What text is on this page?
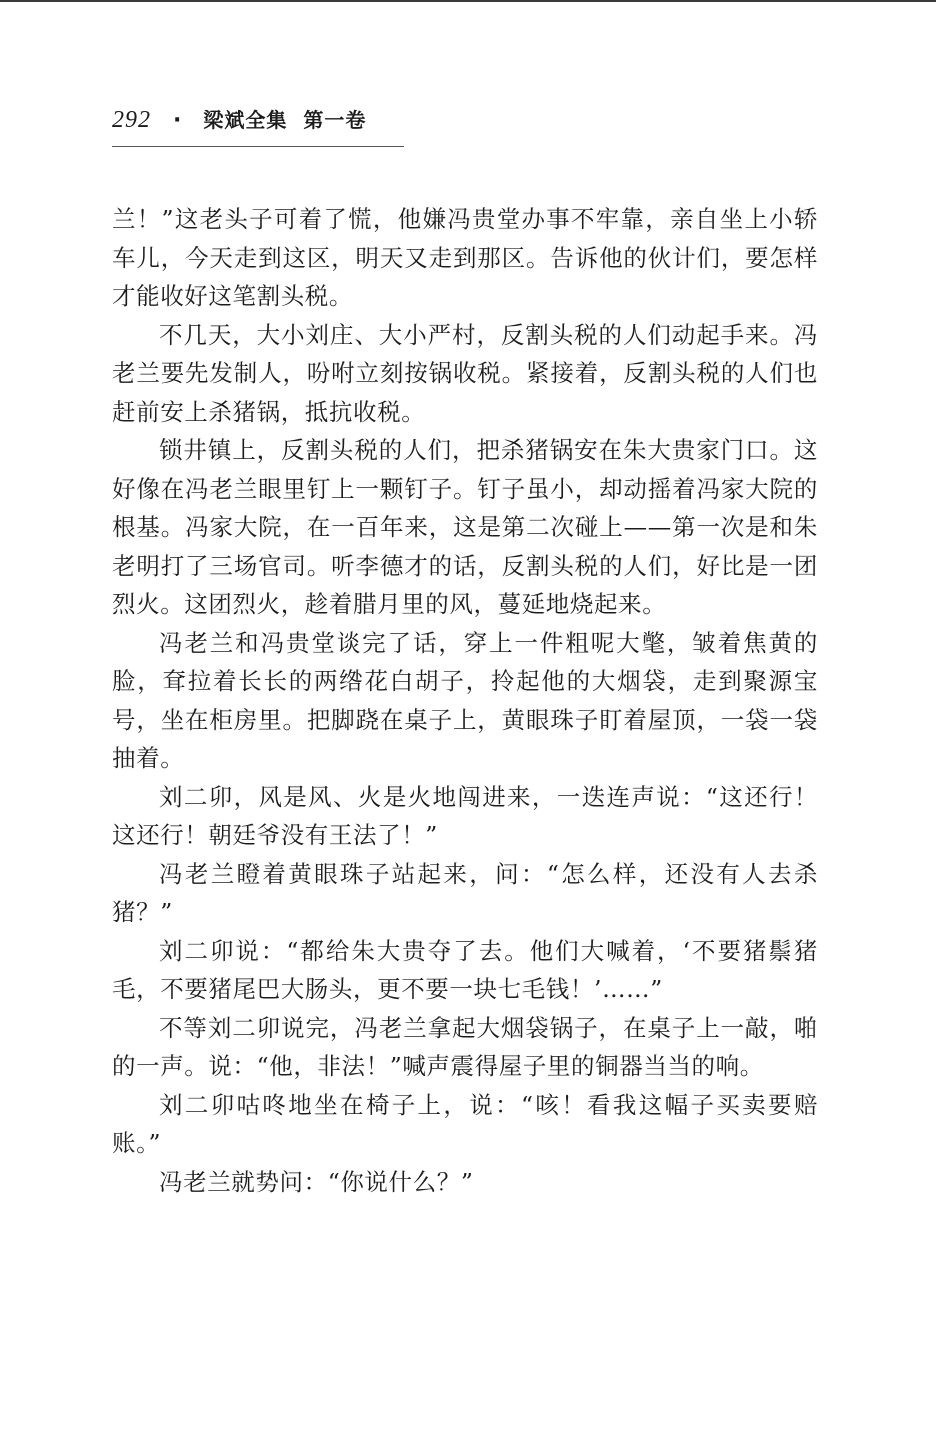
292 · 梁斌全集 第一卷

兰！”这老头子可着了慌，他嫌冯贵堂办事不牢靠，亲自坐上小轿车儿，今天走到这区，明天又走到那区。告诉他的伙计们，要怎样才能收好这笔割头税。

不几天，大小刘庄、大小严村，反割头税的人们动起手来。冯老兰要先发制人，吩咐立刻按锅收税。紧接着，反割头税的人们也赶前安上杀猪锅，抵抗收税。

锁井镇上，反割头税的人们，把杀猪锅安在朱大贵家门口。这好像在冯老兰眼里钉上一颗钉子。钉子虽小，却动摇着冯家大院的根基。冯家大院，在一百年来，这是第二次碰上——第一次是和朱老明打了三场官司。听李德才的话，反割头税的人们，好比是一团烈火。这团烈火，趁着腊月里的风，蔓延地烧起来。

冯老兰和冯贵堂谈完了话，穿上一件粗呢大氅，皱着焦黄的脸，耷拉着长长的两绺花白胡子，拎起他的大烟袋，走到聚源宝号，坐在柜房里。把脚跷在桌子上，黄眼珠子盯着屋顶，一袋一袋抽着。

刘二卯，风是风、火是火地闯进来，一迭连声说：“这还行！这还行！朝廷爷没有王法了！”

冯老兰瞪着黄眼珠子站起来，问：“怎么样，还没有人去杀猪？”

刘二卯说：“都给朱大贵夺了去。他们大喊着，‘不要猪鬃猪毛，不要猪尾巴大肠头，更不要一块七毛钱！’……”

不等刘二卯说完，冯老兰拿起大烟袋锅子，在桌子上一敲，啪的一声。说：“他，非法！”喊声震得屋子里的铜器当当的响。

刘二卯咕咚地坐在椅子上，说：“咳！看我这幅子买卖要赔账。”

冯老兰就势问：“你说什么？”
